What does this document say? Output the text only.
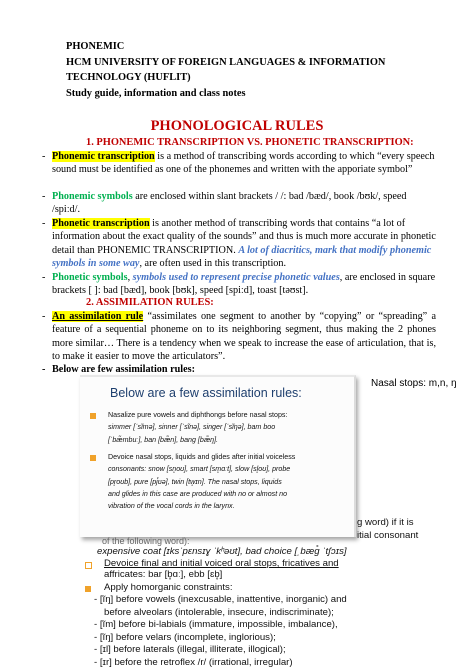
PHONEMIC
HCM UNIVERSITY OF FOREIGN LANGUAGES & INFORMATION
TECHNOLOGY (HUFLIT)
Study guide, information and class notes
PHONOLOGICAL RULES
1. PHONEMIC TRANSCRIPTION VS. PHONETIC TRANSCRIPTION:
- Phonemic transcription is a method of transcribing words according to which “every speech sound must be identified as one of the phonemes and written with the apporiate symbol”
- Phonemic symbols are enclosed within slant brackets / /: bad /bæd/, book /bʊk/, speed /spiːd/.
- Phonetic transcription is another method of transcribing words that contains “a lot of information about the exact quality of the sounds” and thus is much more accurate in phonetic detail than PHONEMIC TRANSCRIPTION. A lot of diacritics, mark that modify phonemic symbols in some way, are often used in this transcription.
- Phonetic symbols, symbols used to represent precise phonetic values, are enclosed in square brackets [ ]: bad [bæd], book [bʊk], speed [spiːd], toast [təʊst].
2. ASSIMILATION RULES:
- An assimilation rule “assimilates one segment to another by “copying” or “spreading” a feature of a sequential phoneme on to its neighboring segment, thus making the 2 phones more similar… There is a tendency when we speak to increase the ease of articulation, that is, to make it easier to move the articulators”.
- Below are few assimilation rules:
Nasal stops: m,n, ŋ
Below are a few assimilation rules:
Nasalize pure vowels and diphthongs before nasal stops:
simmer [ˈsĩmə], sinner [ˈsĩnə], singer [ˈsĩŋə], bam boo
[ˈbæ̃mbuː], ban [bæ̃n], bang [bæ̃ŋ].
Devoice nasal stops, liquids and glides after initial voiceless
consonants: snow [sn̥oʊ], smart [sm̥ɑːt], slow [sl̥oʊ], probe
[pr̥oʊb], pure [pj̊ʊə], twin [tw̥ɪn]. The nasal stops, liquids
and glides in this case are produced with no or almost no
vibration of the vocal cords in the larynx.
g word) if it is
itial consonant
of the following word):
expensive coat [ɪksˈpɛnsɪɣ ˈkʰəʊt], bad choice [ˌbæɡ̊ ˈtʃɔɪs]
Devoice final and initial voiced oral stops, fricatives and
affricates: bar [b̥ɑː], ebb [ɛb̥]
Apply homorganic constraints:
- [ĩŋ] before vowels (inexcusable, inattentive, inorganic) and
before alveolars (intolerable, insecure, indiscriminate);
- [ĩm] before bi-labials (immature, impossible, imbalance),
- [ĩŋ] before velars (incomplete, inglorious);
- [ɪl] before laterals (illegal, illiterate, illogical);
- [ɪr] before the retroflex /r/ (irrational, irregular)
